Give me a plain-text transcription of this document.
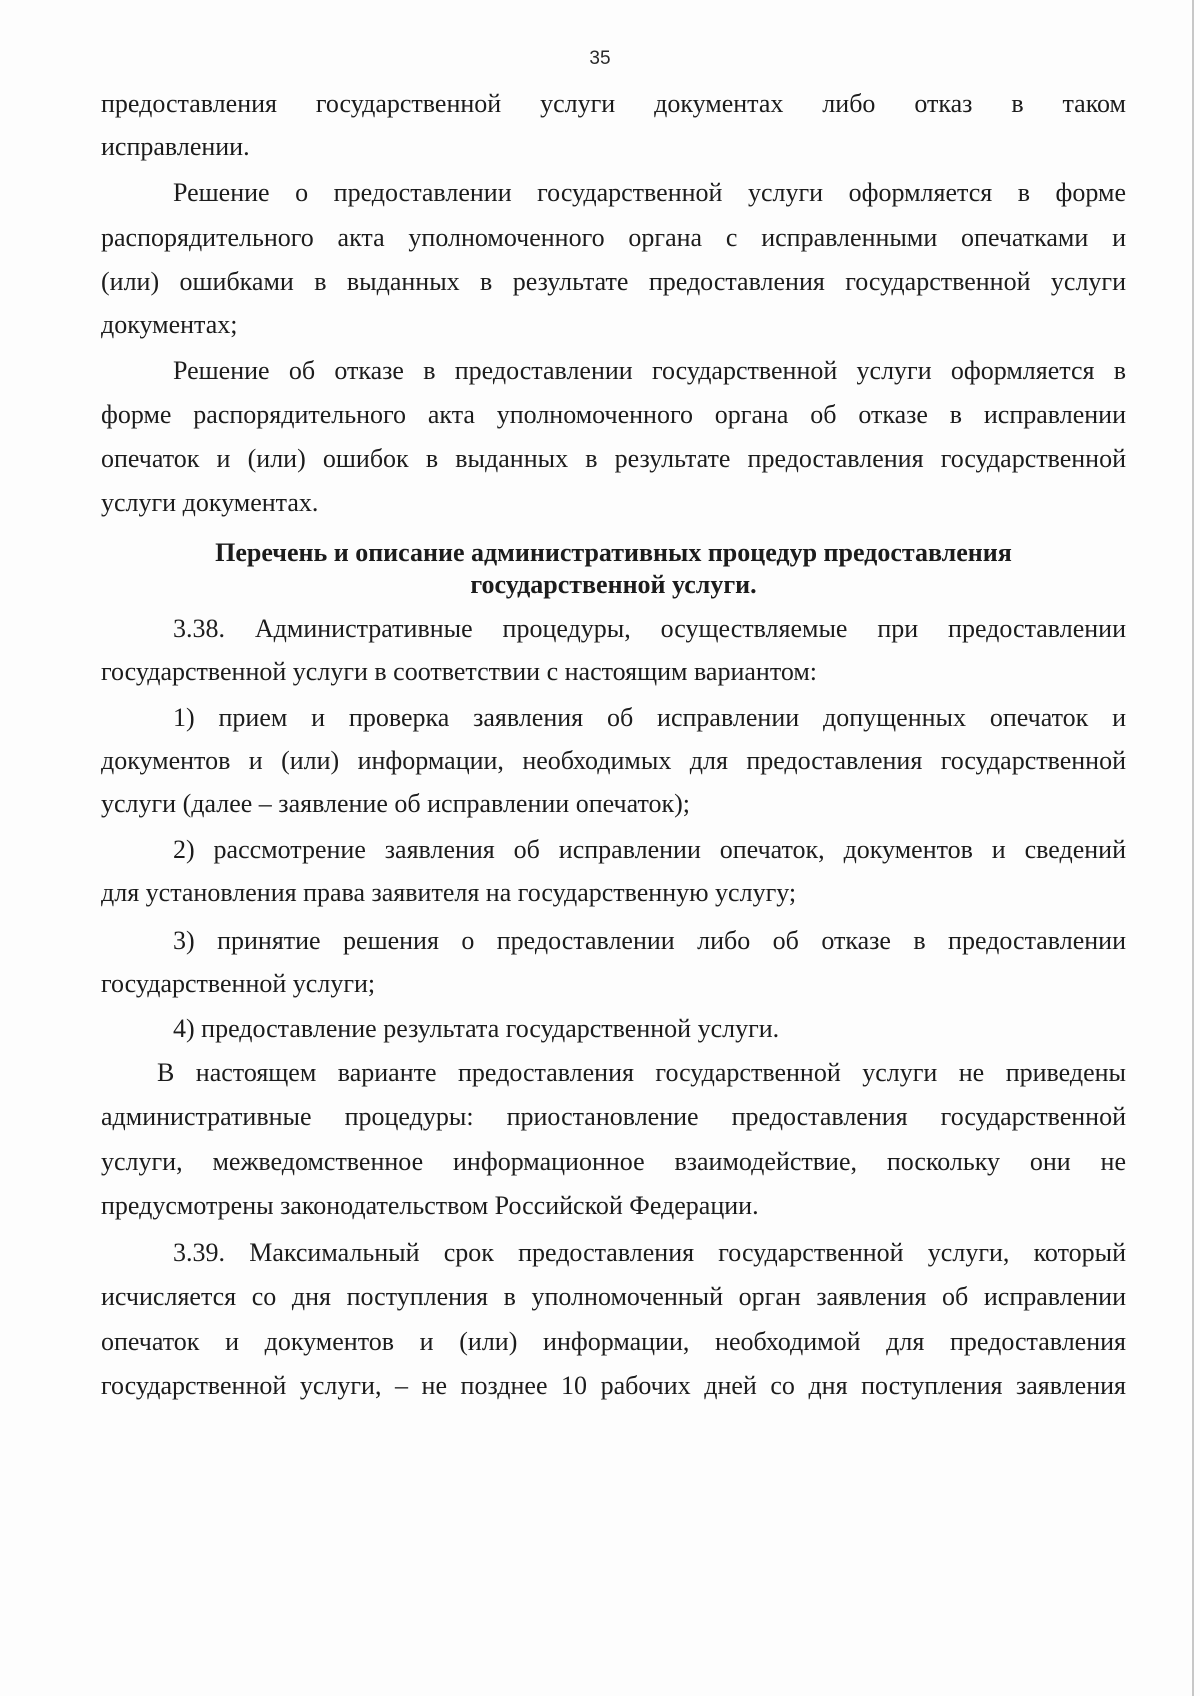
35
предоставления государственной услуги документах либо отказ в таком
исправлении.
Решение о предоставлении государственной услуги оформляется в форме
распорядительного акта уполномоченного органа с исправленными опечатками и
(или) ошибками в выданных в результате предоставления государственной услуги
документах;
Решение об отказе в предоставлении государственной услуги оформляется в
форме распорядительного акта уполномоченного органа об отказе в исправлении
опечаток и (или) ошибок в выданных в результате предоставления государственной
услуги документах.
Перечень и описание административных процедур предоставления
государственной услуги.
3.38. Административные процедуры, осуществляемые при предоставлении
государственной услуги в соответствии с настоящим вариантом:
1) прием и проверка заявления об исправлении допущенных опечаток и
документов и (или) информации, необходимых для предоставления государственной
услуги (далее – заявление об исправлении опечаток);
2) рассмотрение заявления об исправлении опечаток, документов и сведений
для установления права заявителя на государственную услугу;
3) принятие решения о предоставлении либо об отказе в предоставлении
государственной услуги;
4) предоставление результата государственной услуги.
В настоящем варианте предоставления государственной услуги не приведены
административные процедуры: приостановление предоставления государственной
услуги, межведомственное информационное взаимодействие, поскольку они не
предусмотрены законодательством Российской Федерации.
3.39. Максимальный срок предоставления государственной услуги, который
исчисляется со дня поступления в уполномоченный орган заявления об исправлении
опечаток и документов и (или) информации, необходимой для предоставления
государственной услуги, – не позднее 10 рабочих дней со дня поступления заявления
